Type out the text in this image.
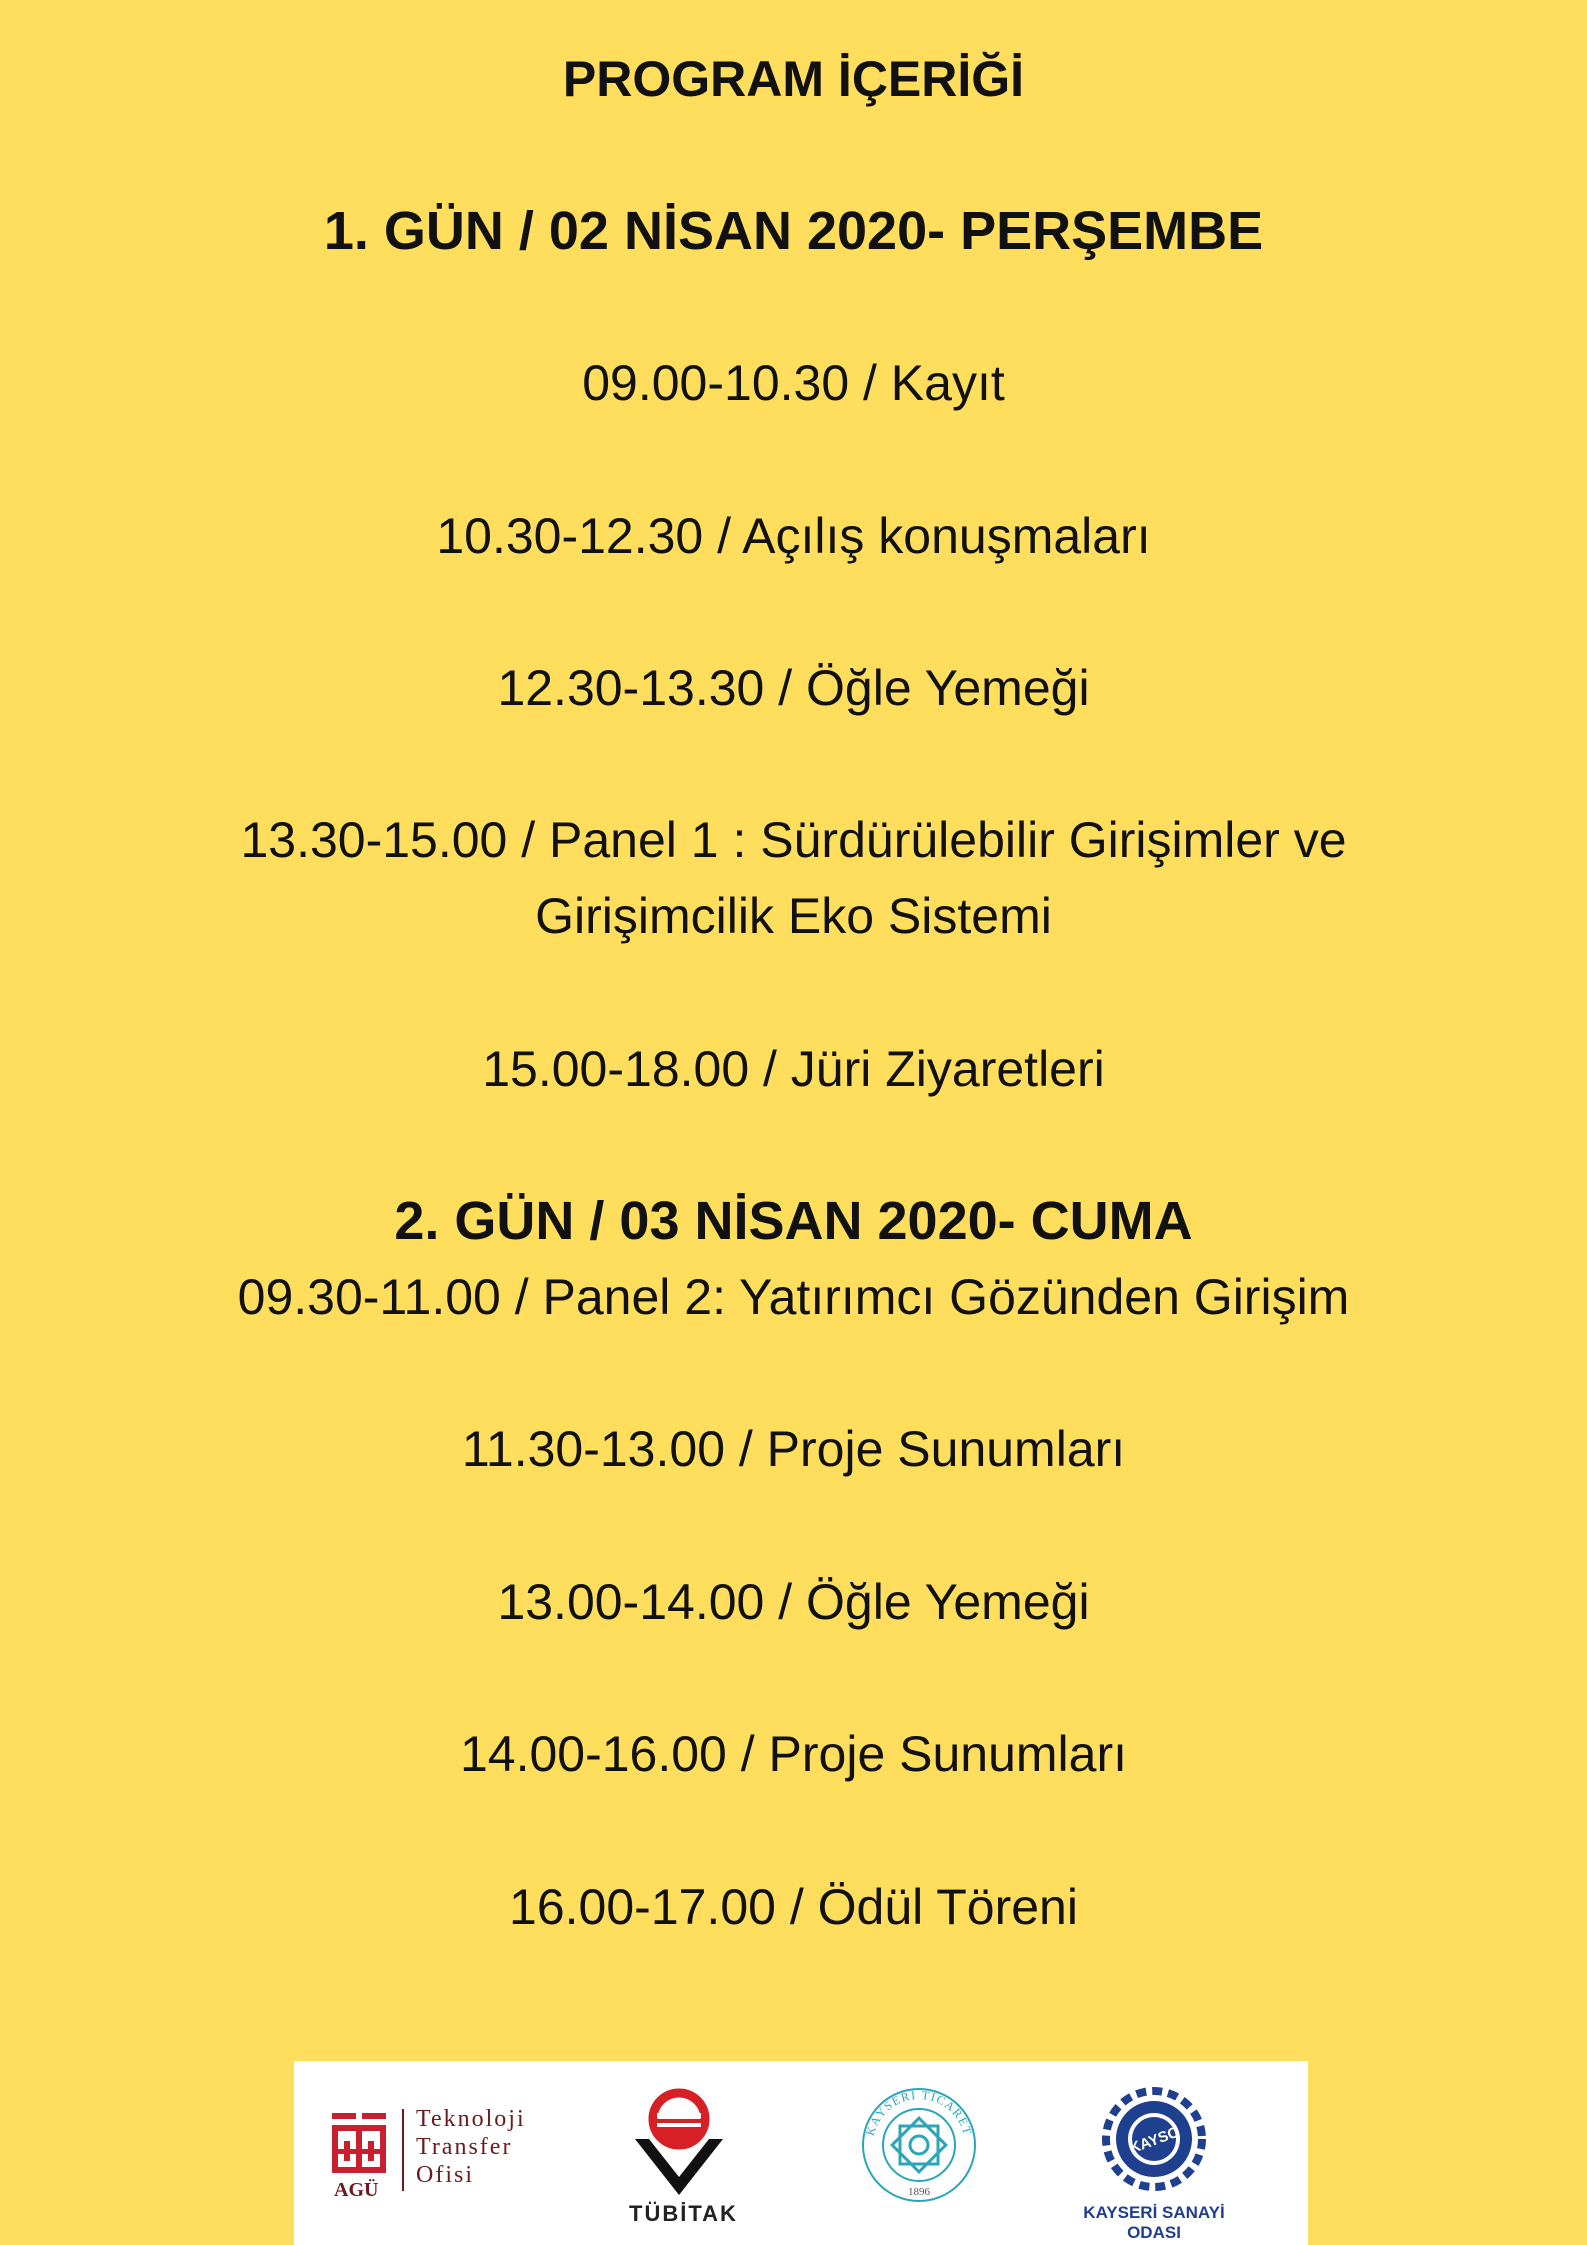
PROGRAM İÇERİĞİ
1. GÜN / 02 NİSAN 2020- PERŞEMBE

09.00-10.30 / Kayıt

10.30-12.30 / Açılış konuşmaları

12.30-13.30 / Öğle Yemeği

13.30-15.00 / Panel 1 : Sürdürülebilir Girişimler ve

Girişimcilik Eko Sistemi

15.00-18.00 / Jüri Ziyaretleri

2. GÜN / 03 NİSAN 2020- CUMA

09.30-11.00 / Panel 2: Yatırımcı Gözünden Girişim

11.30-13.00 / Proje Sunumları

13.00-14.00 / Öğle Yemeği

14.00-16.00 / Proje Sunumları

16.00-17.00 / Ödül Töreni

AGÜ
Teknoloji
Transfer
Ofisi
TÜBİTAK
KAYSERİ TİCARET
1896
KAYSO
KAYSERİ SANAYİ ODASI
